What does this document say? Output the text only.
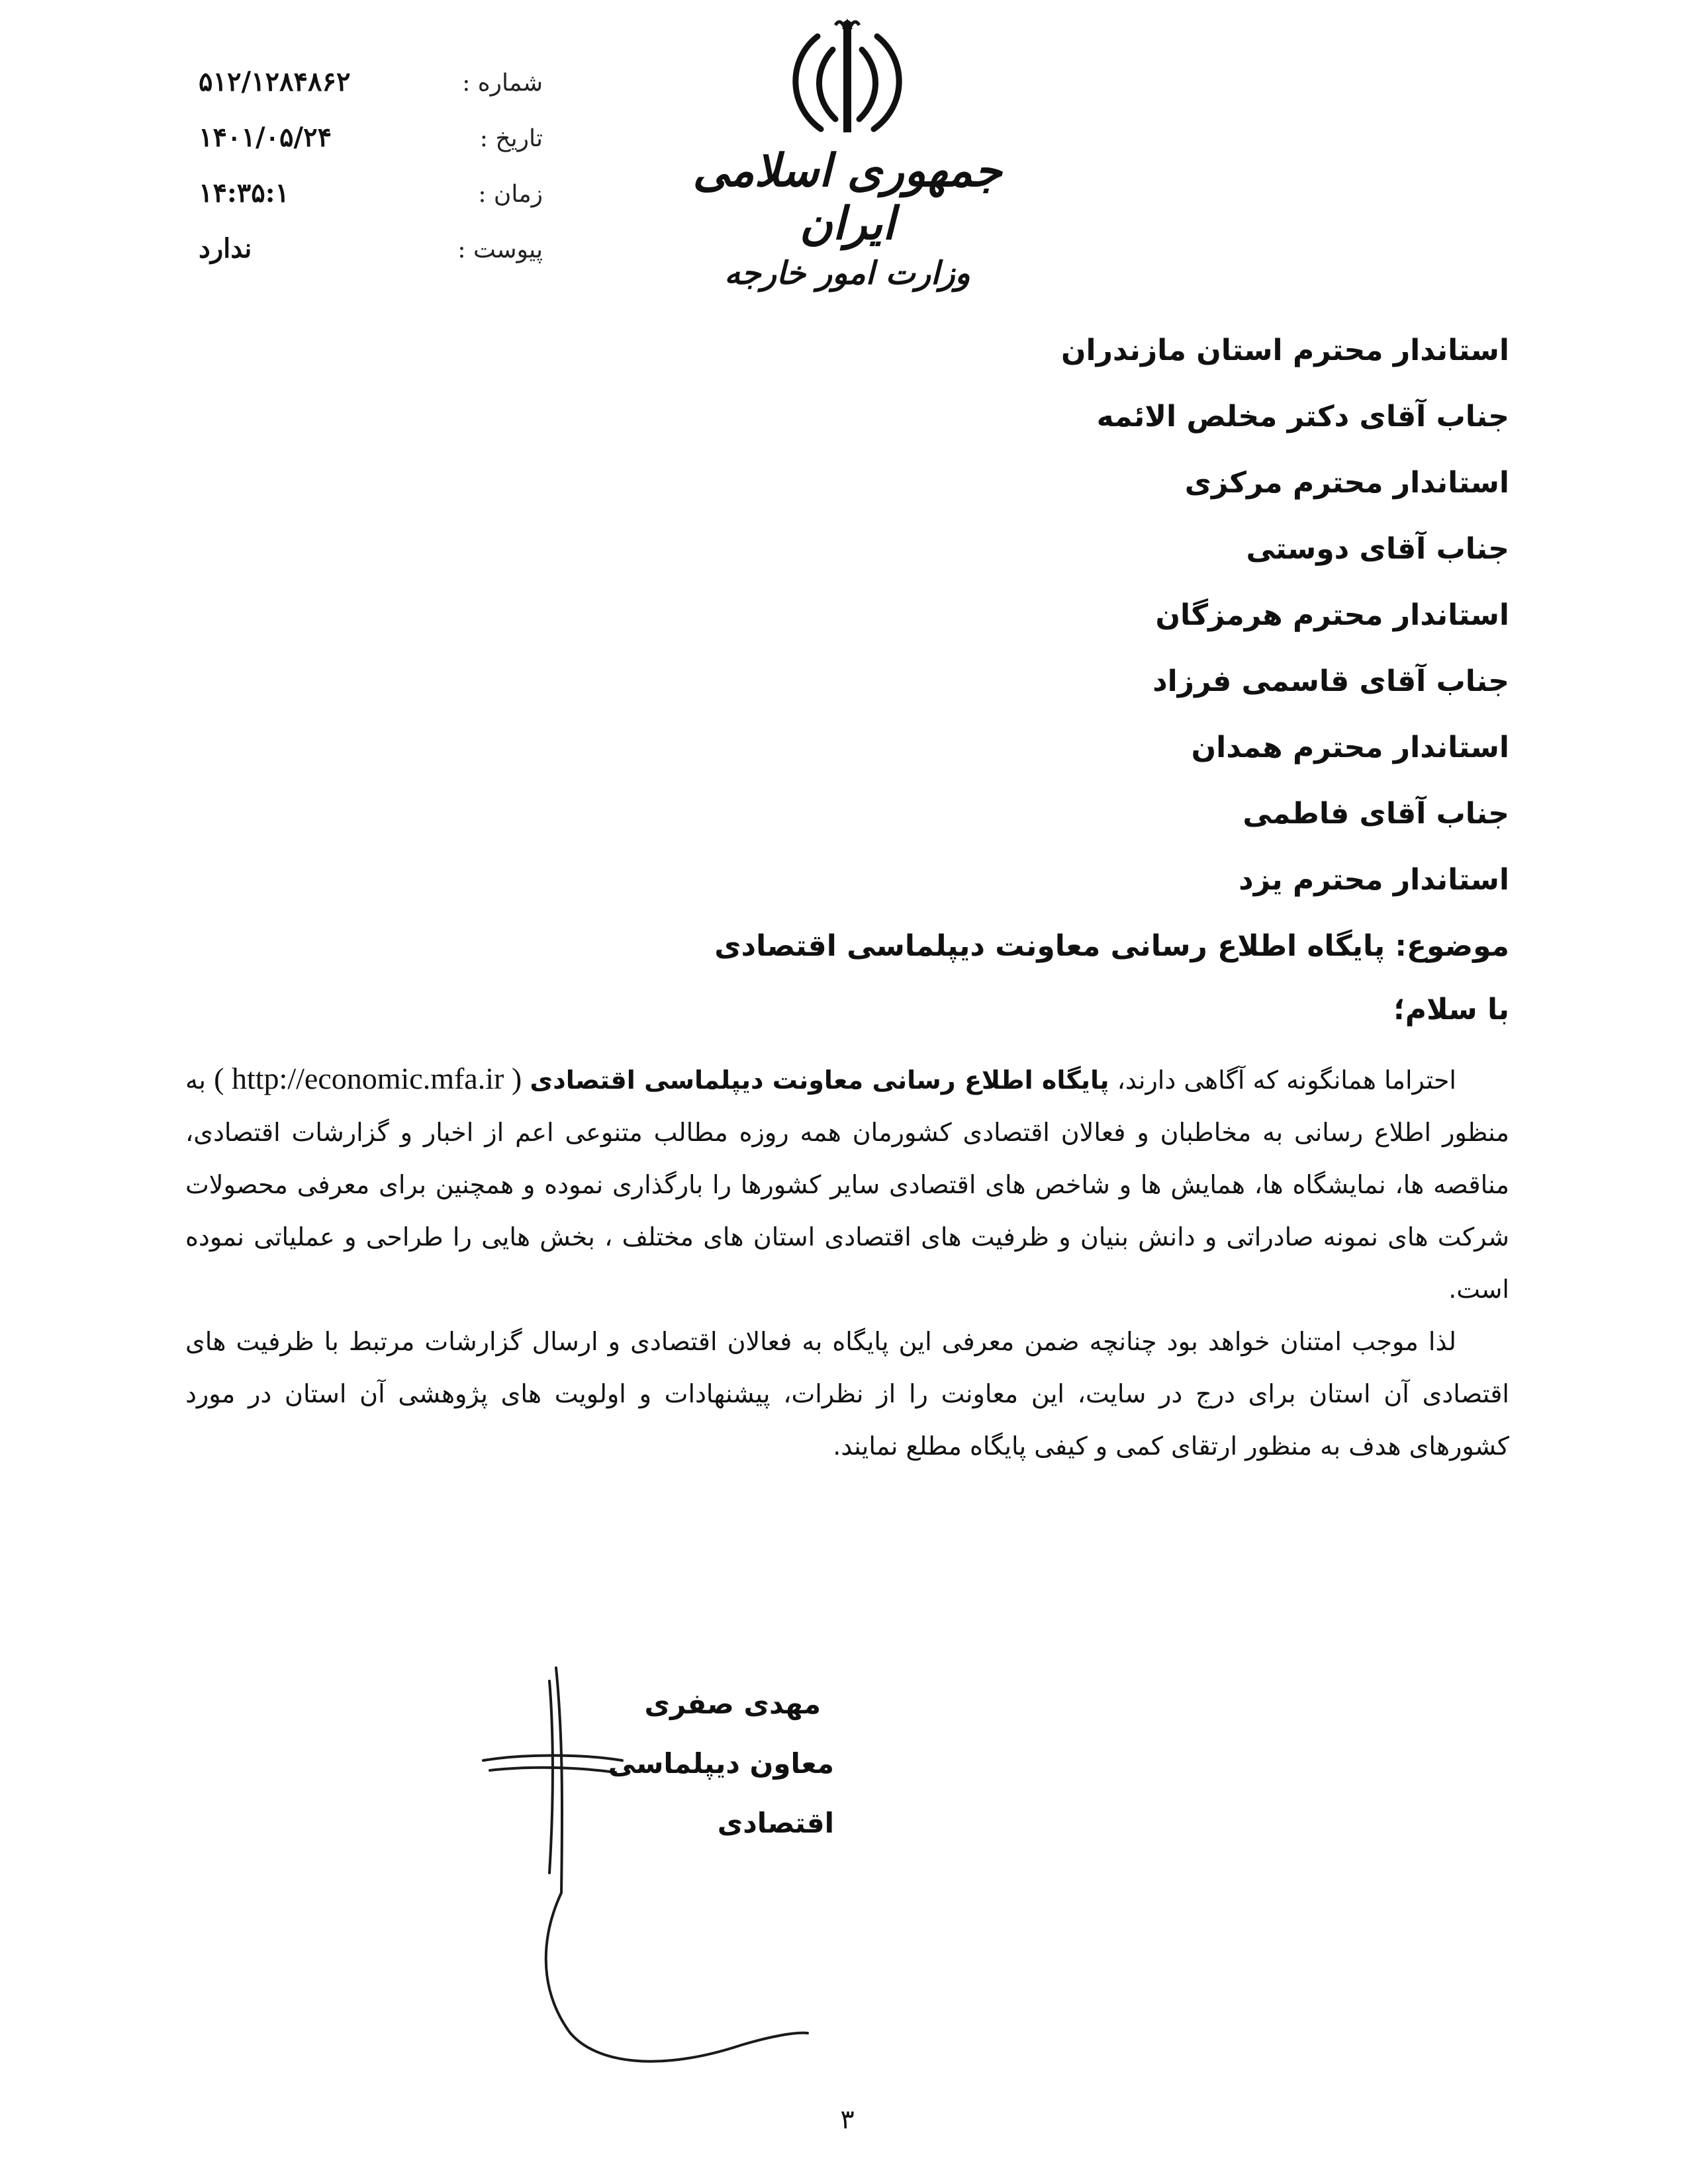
شماره :
۵۱۲/۱۲۸۴۸۶۲
تاریخ :
۱۴۰۱/۰۵/۲۴
زمان :
۱۴:۳۵:۱
پیوست :
ندارد
جمهوری اسلامی ایران
وزارت امور خارجه
استاندار محترم استان مازندران
جناب آقای دکتر مخلص الائمه
استاندار محترم مرکزی
جناب آقای دوستی
استاندار محترم هرمزگان
جناب آقای قاسمی فرزاد
استاندار محترم همدان
جناب آقای فاطمی
استاندار محترم یزد
موضوع: پایگاه اطلاع رسانی معاونت دیپلماسی اقتصادی
با سلام؛

احتراما همانگونه که آگاهی دارند، پایگاه اطلاع رسانی معاونت دیپلماسی اقتصادی ( http://economic.mfa.ir ) به منظور اطلاع رسانی به مخاطبان و فعالان اقتصادی کشورمان همه روزه مطالب متنوعی اعم از اخبار و گزارشات اقتصادی، مناقصه ها، نمایشگاه ها، همایش ها و شاخص های اقتصادی سایر کشورها را بارگذاری نموده و همچنین برای معرفی محصولات شرکت های نمونه صادراتی و دانش بنیان و ظرفیت های اقتصادی استان های مختلف ، بخش هایی را طراحی و عملیاتی نموده است.

لذا موجب امتنان خواهد بود چنانچه ضمن معرفی این پایگاه به فعالان اقتصادی و ارسال گزارشات مرتبط با ظرفیت های اقتصادی آن استان برای درج در سایت، این معاونت را از نظرات، پیشنهادات و اولویت های پژوهشی آن استان در مورد کشورهای هدف به منظور ارتقای کمی و کیفی پایگاه مطلع نمایند.

مهدی صفری
معاون دیپلماسی اقتصادی
۳
